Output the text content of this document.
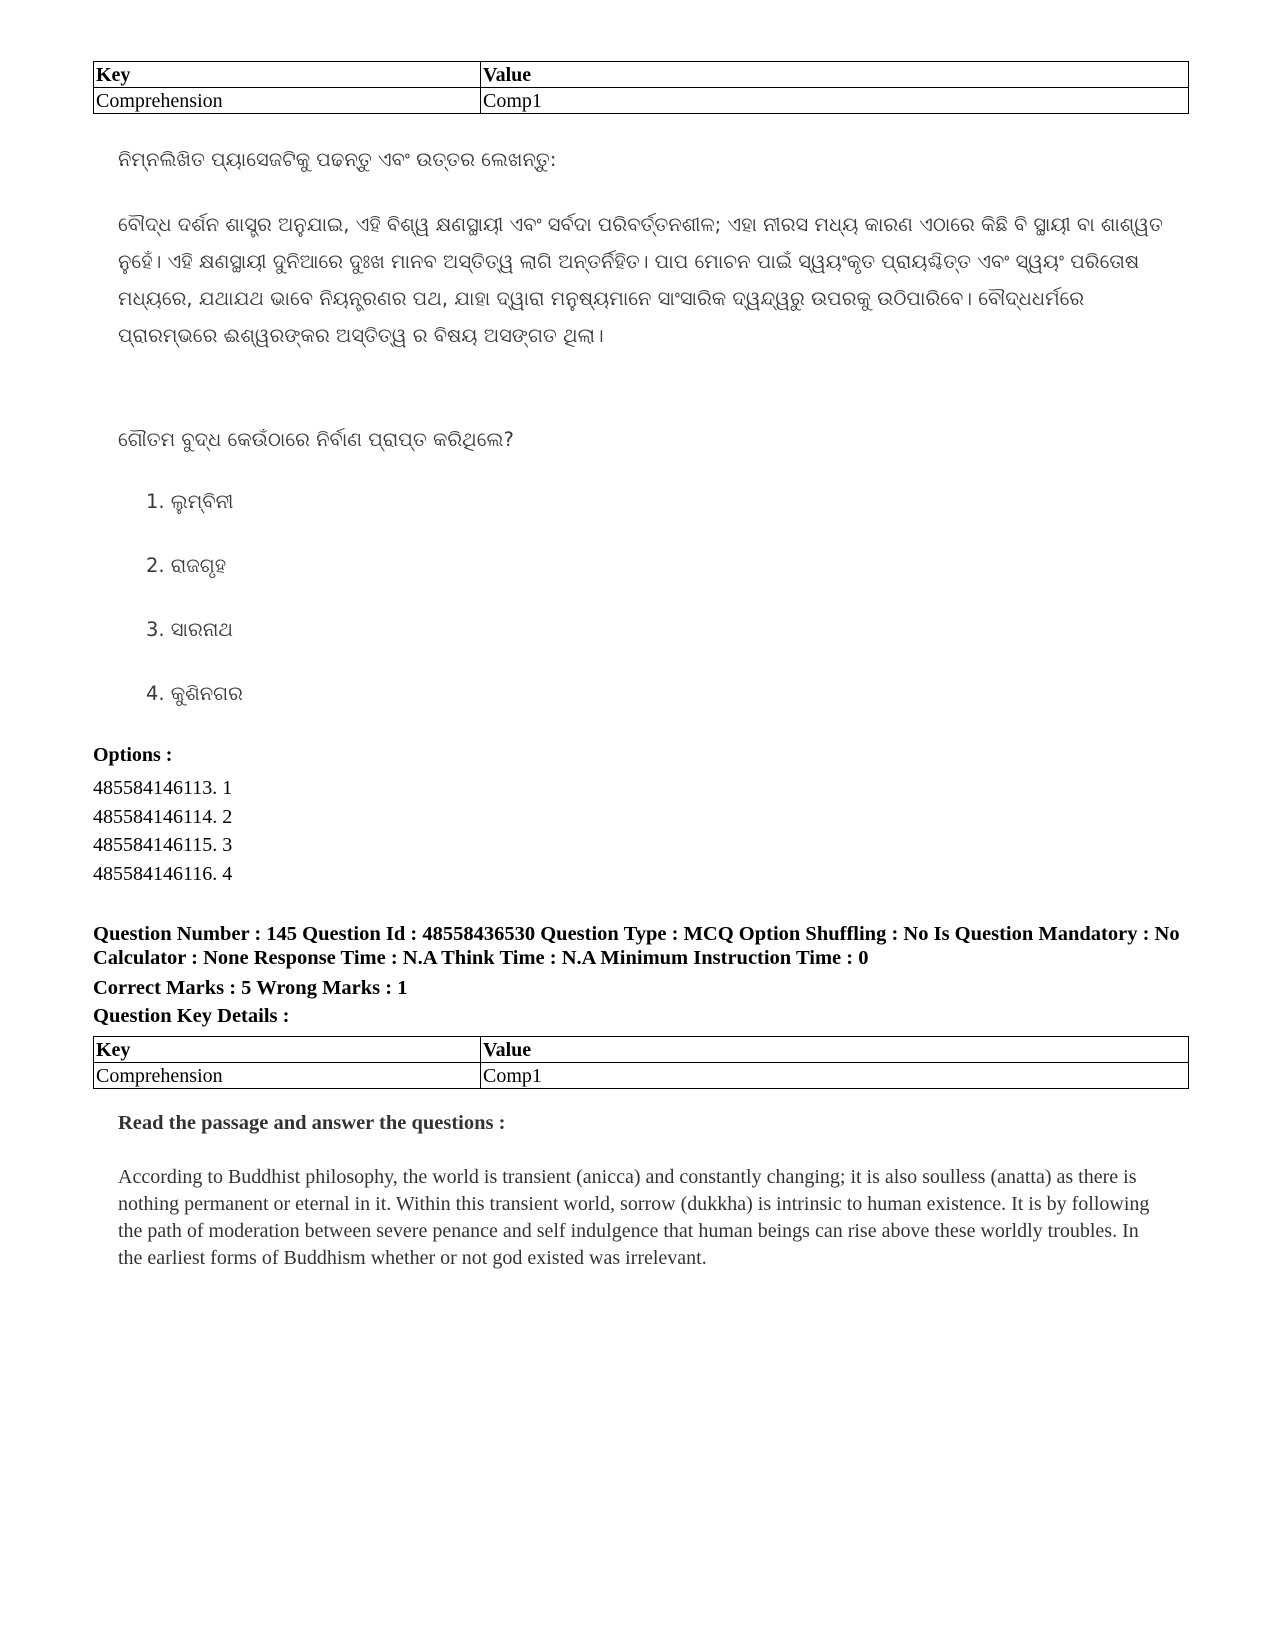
Key	Value
Comprehension	Comp1
ନିମ୍ନଲିଖିତ ପ୍ୟାସେଜଟିକୁ ପଢନ୍ତୁ ଏବଂ ଉତ୍ତର ଲେଖନ୍ତୁ:

ବୌଦ୍ଧ ଦର୍ଶନ ଶାସ୍ତ୍ର ଅନୁଯାଇ, ଏହି ବିଶ୍ୱ କ୍ଷଣସ୍ଥାୟୀ ଏବଂ ସର୍ବଦା ପରିବର୍ତ୍ତନଶୀଳ; ଏହା ନୀରସ ମଧ୍ୟ କାରଣ ଏଠାରେ କିଛି ବି ସ୍ଥାୟୀ ବା ଶାଶ୍ୱତ ନୁହେଁ। ଏହି କ୍ଷଣସ୍ଥାୟୀ ଦୁନିଆରେ ଦୁଃଖ ମାନବ ଅସ୍ତିତ୍ୱ ଲାଗି ଅନ୍ତର୍ନିହିତ। ପାପ ମୋଚନ ପାଇଁ ସ୍ୱୟଂକୃତ ପ୍ରାୟଶ୍ଚିତ୍ତ ଏବଂ ସ୍ୱୟଂ ପରିତୋଷ ମଧ୍ୟରେ, ଯଥାଯଥ ଭାବେ ନିୟନ୍ତ୍ରଣର ପଥ, ଯାହା ଦ୍ୱାରା ମନୁଷ୍ୟମାନେ ସାଂସାରିକ ଦ୍ୱନ୍ଦ୍ୱରୁ ଉପରକୁ ଉଠିପାରିବେ। ବୌଦ୍ଧଧର୍ମରେ ପ୍ରାରମ୍ଭରେ ଈଶ୍ୱରଙ୍କର ଅସ୍ତିତ୍ୱ ର ବିଷୟ ଅସଙ୍ଗତ ଥିଲା।

ଗୌତମ ବୁଦ୍ଧ କେଉଁଠାରେ ନିର୍ବାଣ ପ୍ରାପ୍ତ କରିଥିଲେ?
1. ଲୁମ୍ବିନୀ
2. ରାଜଗୃହ
3. ସାରନାଥ
4. କୁଶିନଗର
Options :
485584146113. 1
485584146114. 2
485584146115. 3
485584146116. 4
Question Number : 145 Question Id : 48558436530 Question Type : MCQ Option Shuffling : No Is Question Mandatory : No Calculator : None Response Time : N.A Think Time : N.A Minimum Instruction Time : 0
Correct Marks : 5 Wrong Marks : 1
Question Key Details :
Key	Value
Comprehension	Comp1
Read the passage and answer the questions :

According to Buddhist philosophy, the world is transient (anicca) and constantly changing; it is also soulless (anatta) as there is nothing permanent or eternal in it. Within this transient world, sorrow (dukkha) is intrinsic to human existence. It is by following the path of moderation between severe penance and self indulgence that human beings can rise above these worldly troubles. In the earliest forms of Buddhism whether or not god existed was irrelevant.
